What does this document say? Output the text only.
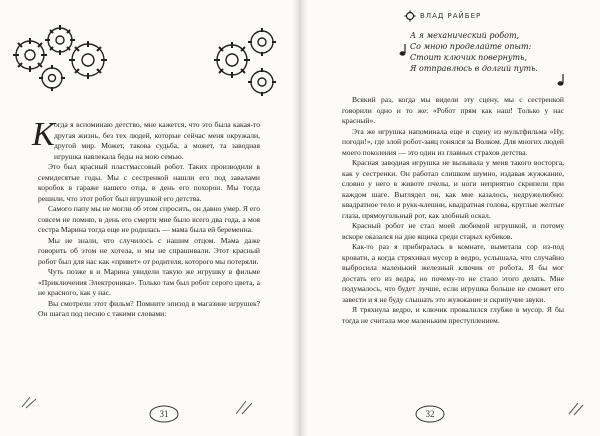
К огда я вспоминаю детство, мне кажется, что это была какая-то другая жизнь, без тех людей, которые сейчас меня окружали, другой мир. Может, такова судьба, а может, та заводная игрушка навлекала беды на мою семью.

Это был красный пластмассовый робот. Таких производили в семидесятые годы. Мы с сестренкой нашли его под завалами коробок в гараже нашего отца, в день его похорон. Мы тогда решили, что этот робот был игрушкой его детства.

Самого папу мы не могли об этом спросить, он давно умер. Я его совсем не помню, в день его смерти мне было всего два года, а моя сестра Марина тогда еще не родилась — мама была ей беременна.

Мы не знали, что случилось с нашим отцом. Мама даже говорить об этом не хотела, и мы не спрашивали. Этот красный робот был для нас как «привет» от родителя, которого мы потеряли.

Чуть позже я и Марина увидели такую же игрушку в фильме «Приключения Электроника». Только там был робот серого цвета, а не красного, как у нас.

Вы смотрели этот фильм? Помните эпизод в магазине игрушек? Он шагал под песню с такими словами:

31
ВЛАД РАЙБЕР
А я механический робот,
Со мною проделайте опыт:
Стоит ключик повернуть,
Я отправлюсь в долгий путь.

Всякий раз, когда мы видели эту сцену, мы с сестренкой говорили одно и то же: «Робот прям как наш! Только у нас красный».

Эта же игрушка напоминала еще и сцену из мультфильма «Ну, погоди!», где злой робот-заяц гонялся за Волком. Для многих людей моего поколения — это один из главных страхов детства.

Красная заводная игрушка не вызывала у меня такого восторга, как у сестренки. Он работал слишком шумно, издавая жужжание, словно у него в животе пчелы, и ноги неприятно скрипели при каждом шаге. Выглядел он, как мне казалось, недружелюбно: квадратное тело и рукк-клешни, квадратная голова, круглые желтые глаза, прямоугольный рот, как злобный оскал.

Красный робот не стал моей любимой игрушкой, и потому вскоре оказался на дне ящика среди старых кубиков.

Как-то раз я прибиралась в комнате, выметала сор из-под кровати, а когда стряхивал мусор в ведро, услышала, что случайно выбросила маленький железный ключик от робота. Я бы мог достать его из ведра, но почему-то не стало этого делать. Мне подумалось, что будет лучше, если игрушка больше не сможет его завести и я не буду слышать это жужжание и скрипучие звуки.

Я тряхнула ведро, и ключик провалился глубже в мусор. Я бы тогда не считала мое маленьким преступлением.

32
